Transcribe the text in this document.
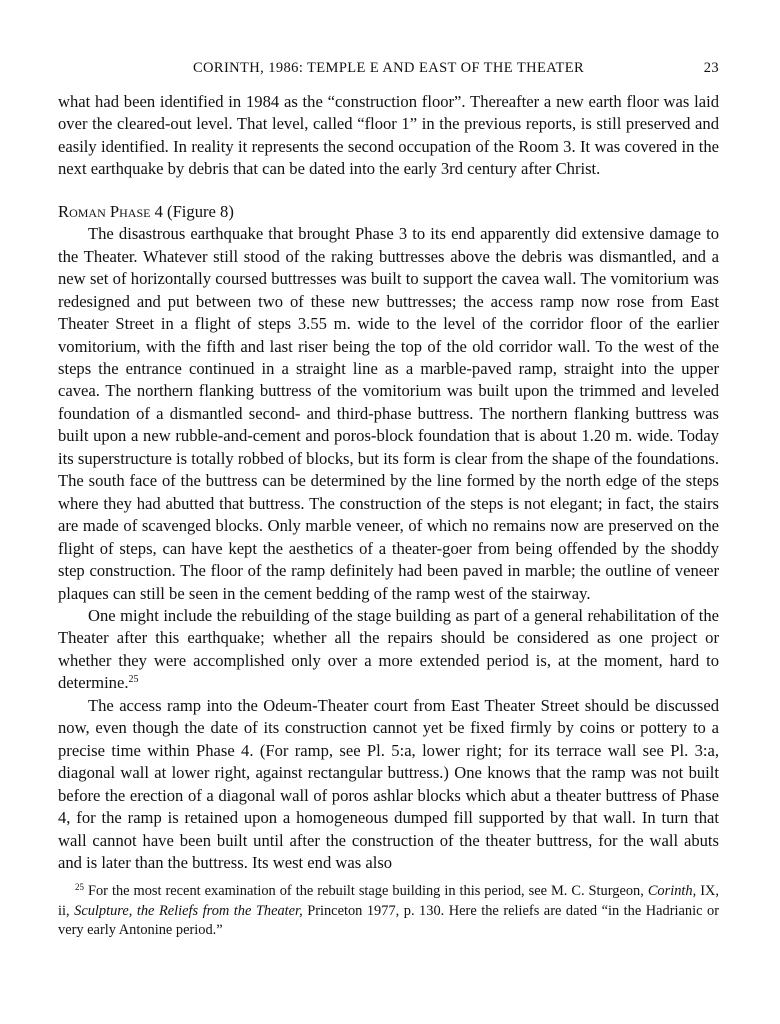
CORINTH, 1986: TEMPLE E AND EAST OF THE THEATER	23

what had been identified in 1984 as the “construction floor”. Thereafter a new earth floor was laid over the cleared-out level. That level, called “floor 1” in the previous reports, is still preserved and easily identified. In reality it represents the second occupation of the Room 3. It was covered in the next earthquake by debris that can be dated into the early 3rd century after Christ.

Roman Phase 4 (Figure 8)

The disastrous earthquake that brought Phase 3 to its end apparently did extensive damage to the Theater. Whatever still stood of the raking buttresses above the debris was dismantled, and a new set of horizontally coursed buttresses was built to support the cavea wall. The vomitorium was redesigned and put between two of these new buttresses; the access ramp now rose from East Theater Street in a flight of steps 3.55 m. wide to the level of the corridor floor of the earlier vomitorium, with the fifth and last riser being the top of the old corridor wall. To the west of the steps the entrance continued in a straight line as a marble-paved ramp, straight into the upper cavea. The northern flanking buttress of the vomitorium was built upon the trimmed and leveled foundation of a dismantled second- and third-phase buttress. The northern flanking buttress was built upon a new rubble-and-cement and poros-block foundation that is about 1.20 m. wide. Today its superstructure is totally robbed of blocks, but its form is clear from the shape of the foundations. The south face of the buttress can be determined by the line formed by the north edge of the steps where they had abutted that buttress. The construction of the steps is not elegant; in fact, the stairs are made of scavenged blocks. Only marble veneer, of which no remains now are preserved on the flight of steps, can have kept the aesthetics of a theater-goer from being offended by the shoddy step construction. The floor of the ramp definitely had been paved in marble; the outline of veneer plaques can still be seen in the cement bedding of the ramp west of the stairway.

One might include the rebuilding of the stage building as part of a general rehabilitation of the Theater after this earthquake; whether all the repairs should be considered as one project or whether they were accomplished only over a more extended period is, at the moment, hard to determine.$^{25}$

The access ramp into the Odeum-Theater court from East Theater Street should be discussed now, even though the date of its construction cannot yet be fixed firmly by coins or pottery to a precise time within Phase 4. (For ramp, see Pl. 5:a, lower right; for its terrace wall see Pl. 3:a, diagonal wall at lower right, against rectangular buttress.) One knows that the ramp was not built before the erection of a diagonal wall of poros ashlar blocks which abut a theater buttress of Phase 4, for the ramp is retained upon a homogeneous dumped fill supported by that wall. In turn that wall cannot have been built until after the construction of the theater buttress, for the wall abuts and is later than the buttress. Its west end was also

$^{25}$ For the most recent examination of the rebuilt stage building in this period, see M. C. Sturgeon, Corinth, IX, ii, Sculpture, the Reliefs from the Theater, Princeton 1977, p. 130. Here the reliefs are dated “in the Hadrianic or very early Antonine period.”
